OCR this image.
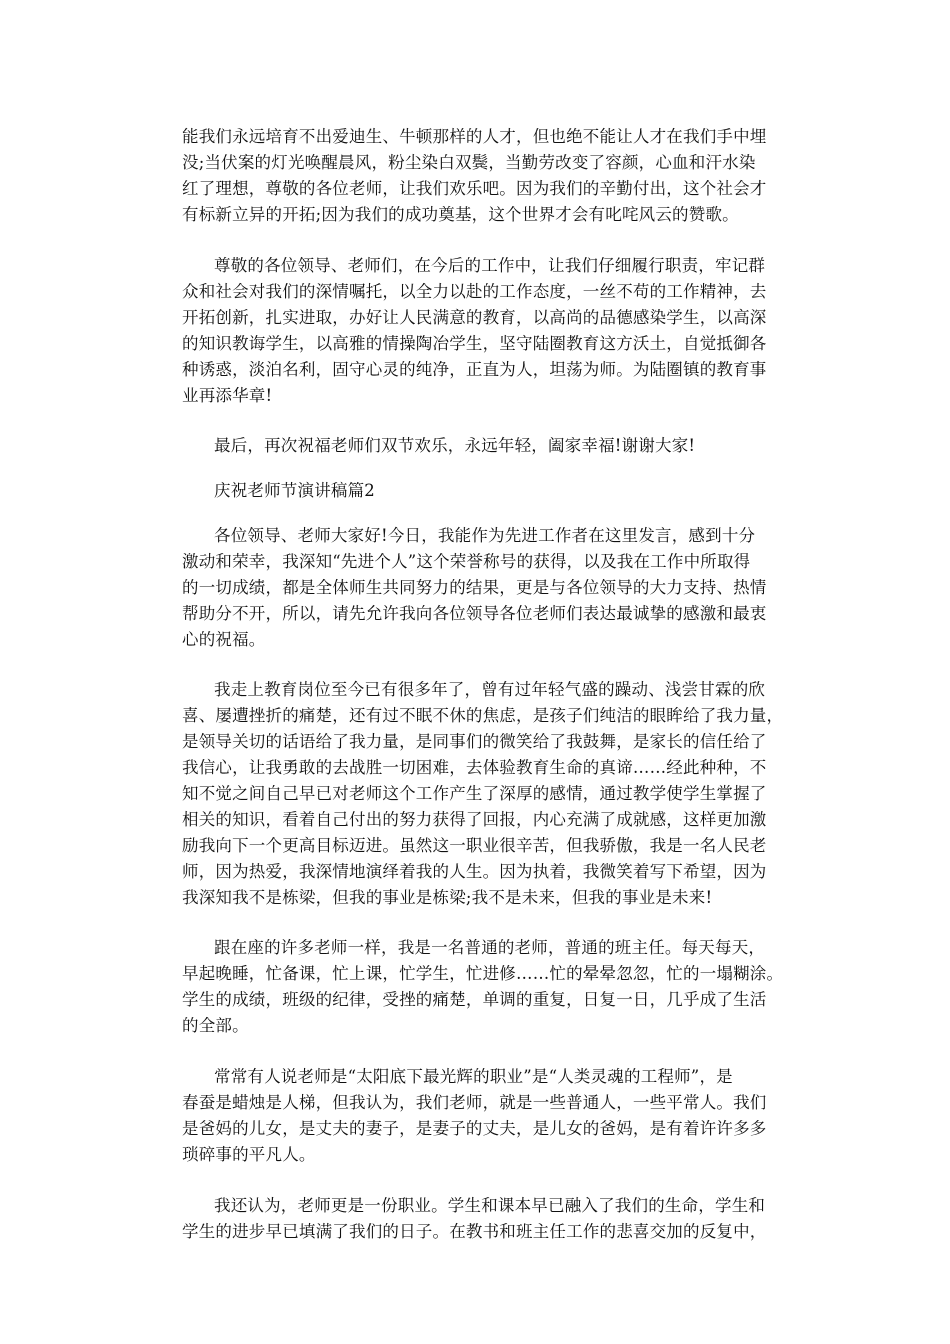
能我们永远培育不出爱迪生、牛顿那样的人才，但也绝不能让人才在我们手中埋
没;当伏案的灯光唤醒晨风，粉尘染白双鬓，当勤劳改变了容颜，心血和汗水染
红了理想，尊敬的各位老师，让我们欢乐吧。因为我们的辛勤付出，这个社会才
有标新立异的开拓;因为我们的成功奠基，这个世界才会有叱咤风云的赞歌。
尊敬的各位领导、老师们，在今后的工作中，让我们仔细履行职责，牢记群
众和社会对我们的深情嘱托，以全力以赴的工作态度，一丝不苟的工作精神，去
开拓创新，扎实进取，办好让人民满意的教育，以高尚的品德感染学生，以高深
的知识教诲学生，以高雅的情操陶冶学生，坚守陆圈教育这方沃土，自觉抵御各
种诱惑，淡泊名利，固守心灵的纯净，正直为人，坦荡为师。为陆圈镇的教育事
业再添华章!
最后，再次祝福老师们双节欢乐，永远年轻，阖家幸福!谢谢大家!
庆祝老师节演讲稿篇2
各位领导、老师大家好!今日，我能作为先进工作者在这里发言，感到十分
激动和荣幸，我深知“先进个人”这个荣誉称号的获得，以及我在工作中所取得
的一切成绩，都是全体师生共同努力的结果，更是与各位领导的大力支持、热情
帮助分不开，所以，请先允许我向各位领导各位老师们表达最诚挚的感激和最衷
心的祝福。
我走上教育岗位至今已有很多年了，曾有过年轻气盛的躁动、浅尝甘霖的欣
喜、屡遭挫折的痛楚，还有过不眠不休的焦虑，是孩子们纯洁的眼眸给了我力量，
是领导关切的话语给了我力量，是同事们的微笑给了我鼓舞，是家长的信任给了
我信心，让我勇敢的去战胜一切困难，去体验教育生命的真谛……经此种种，不
知不觉之间自己早已对老师这个工作产生了深厚的感情，通过教学使学生掌握了
相关的知识，看着自己付出的努力获得了回报，内心充满了成就感，这样更加激
励我向下一个更高目标迈进。虽然这一职业很辛苦，但我骄傲，我是一名人民老
师，因为热爱，我深情地演绎着我的人生。因为执着，我微笑着写下希望，因为
我深知我不是栋梁，但我的事业是栋梁;我不是未来，但我的事业是未来!
跟在座的许多老师一样，我是一名普通的老师，普通的班主任。每天每天，
早起晚睡，忙备课，忙上课，忙学生，忙进修……忙的晕晕忽忽，忙的一塌糊涂。
学生的成绩，班级的纪律，受挫的痛楚，单调的重复，日复一日，几乎成了生活
的全部。
常常有人说老师是“太阳底下最光辉的职业”是“人类灵魂的工程师”，是
春蚕是蜡烛是人梯，但我认为，我们老师，就是一些普通人，一些平常人。我们
是爸妈的儿女，是丈夫的妻子，是妻子的丈夫，是儿女的爸妈，是有着许许多多
琐碎事的平凡人。
我还认为，老师更是一份职业。学生和课本早已融入了我们的生命，学生和
学生的进步早已填满了我们的日子。在教书和班主任工作的悲喜交加的反复中，
